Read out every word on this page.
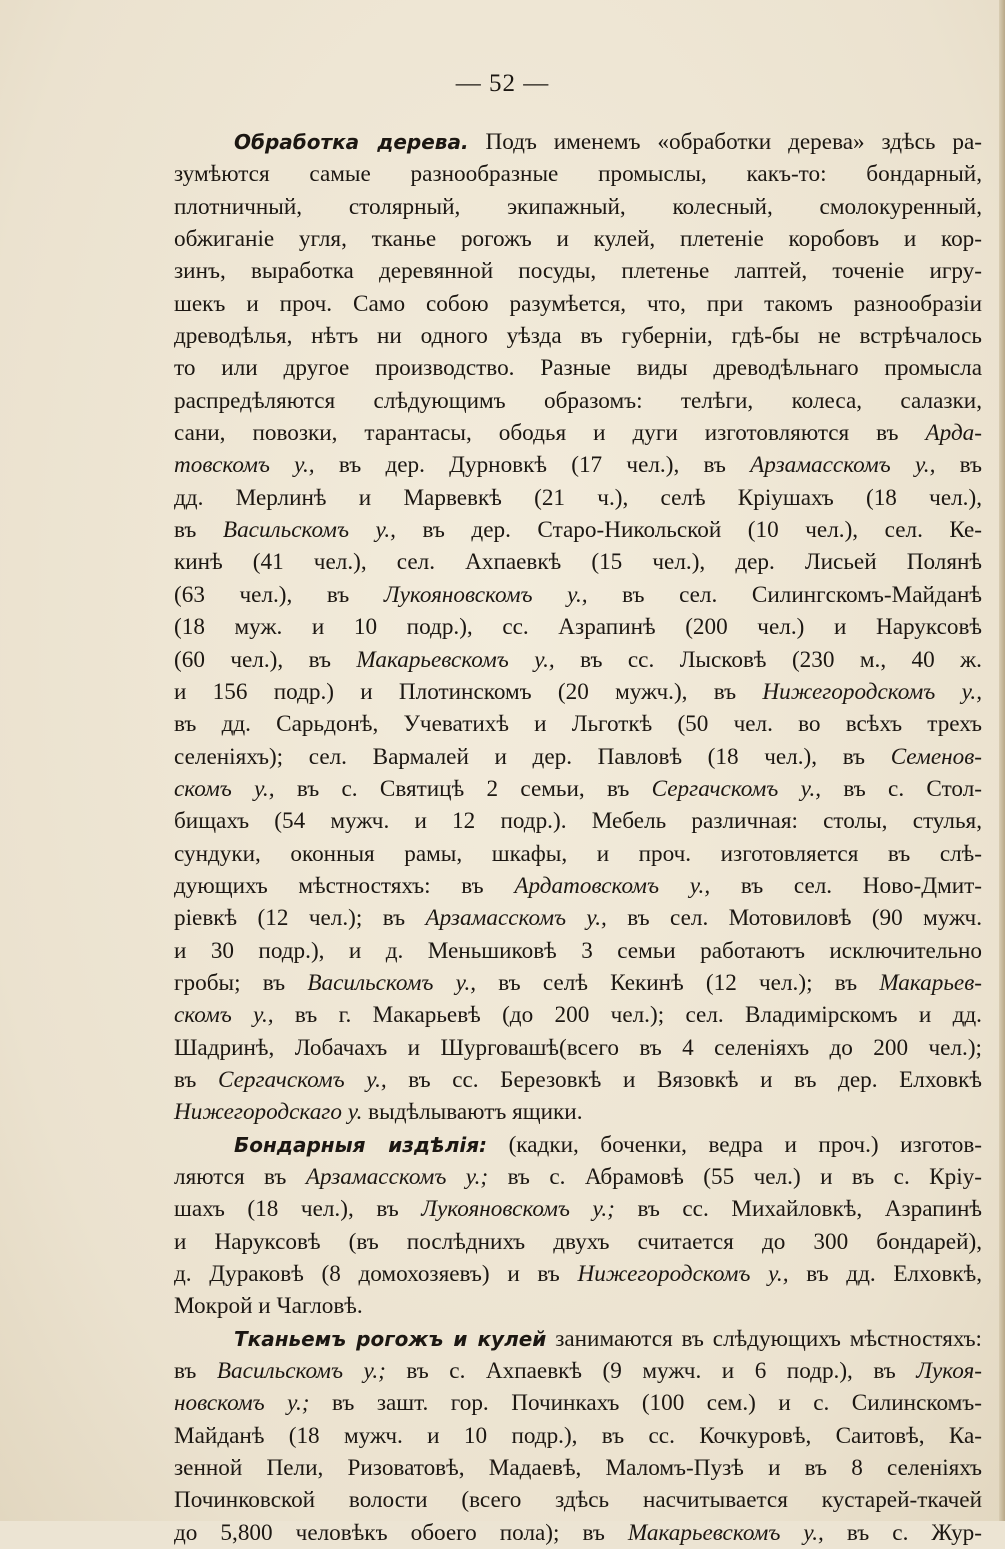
— 52 —
Обработка дерева. Подъ именемъ «обработки дерева» здѣсь ра-
зумѣются самые разнообразные промыслы, какъ-то: бондарный,
плотничный, столярный, экипажный, колесный, смолокуренный,
обжиганіе угля, тканье рогожъ и кулей, плетеніе коробовъ и кор-
зинъ, выработка деревянной посуды, плетенье лаптей, точеніе игру-
шекъ и проч. Само собою разумѣется, что, при такомъ разнообразіи
древодѣлья, нѣтъ ни одного уѣзда въ губерніи, гдѣ-бы не встрѣчалось
то или другое производство. Разные виды древодѣльнаго промысла
распредѣляются слѣдующимъ образомъ: телѣги, колеса, салазки,
сани, повозки, тарантасы, ободья и дуги изготовляются въ Арда-
товскомъ у., въ дер. Дурновкѣ (17 чел.), въ Арзамасскомъ у., въ
дд. Мерлинѣ и Марвевкѣ (21 ч.), селѣ Кріушахъ (18 чел.),
въ Васильскомъ у., въ дер. Старо-Никольской (10 чел.), сел. Ке-
кинѣ (41 чел.), сел. Ахпаевкѣ (15 чел.), дер. Лисьей Полянѣ
(63 чел.), въ Лукояновскомъ у., въ сел. Силингскомъ-Майданѣ
(18 муж. и 10 подр.), сс. Азрапинѣ (200 чел.) и Наруксовѣ
(60 чел.), въ Макарьевскомъ у., въ сс. Лысковѣ (230 м., 40 ж.
и 156 подр.) и Плотинскомъ (20 мужч.), въ Нижегородскомъ у.,
въ дд. Сарьдонѣ, Учеватихѣ и Льготкѣ (50 чел. во всѣхъ трехъ
селеніяхъ); сел. Вармалей и дер. Павловѣ (18 чел.), въ Семенов-
скомъ у., въ с. Святицѣ 2 семьи, въ Сергачскомъ у., въ с. Стол-
бищахъ (54 мужч. и 12 подр.). Мебель различная: столы, стулья,
сундуки, оконныя рамы, шкафы, и проч. изготовляется въ слѣ-
дующихъ мѣстностяхъ: въ Ардатовскомъ у., въ сел. Ново-Дмит-
ріевкѣ (12 чел.); въ Арзамасскомъ у., въ сел. Мотовиловѣ (90 мужч.
и 30 подр.), и д. Меньшиковѣ 3 семьи работаютъ исключительно
гробы; въ Васильскомъ у., въ селѣ Кекинѣ (12 чел.); въ Макарьев-
скомъ у., въ г. Макарьевѣ (до 200 чел.); сел. Владимірскомъ и дд.
Шадринѣ, Лобачахъ и Шурговашѣ(всего въ 4 селеніяхъ до 200 чел.);
въ Сергачскомъ у., въ сс. Березовкѣ и Вязовкѣ и въ дер. Елховкѣ
Нижегородскаго у. выдѣлываютъ ящики.
Бондарныя издѣлія: (кадки, боченки, ведра и проч.) изготов-
ляются въ Арзамасскомъ у.; въ с. Абрамовѣ (55 чел.) и въ с. Кріу-
шахъ (18 чел.), въ Лукояновскомъ у.; въ сс. Михайловкѣ, Азрапинѣ
и Наруксовѣ (въ послѣднихъ двухъ считается до 300 бондарей),
д. Дураковѣ (8 домохозяевъ) и въ Нижегородскомъ у., въ дд. Елховкѣ,
Мокрой и Чагловѣ.
Тканьемъ рогожъ и кулей занимаются въ слѣдующихъ мѣстностяхъ:
въ Васильскомъ у.; въ с. Ахпаевкѣ (9 мужч. и 6 подр.), въ Лукоя-
новскомъ у.; въ зашт. гор. Починкахъ (100 сем.) и с. Силинскомъ-
Майданѣ (18 мужч. и 10 подр.), въ сс. Кочкуровѣ, Саитовѣ, Ка-
зенной Пели, Ризоватовѣ, Мадаевѣ, Маломъ-Пузѣ и въ 8 селеніяхъ
Починковской волости (всего здѣсь насчитывается кустарей-ткачей
до 5,800 человѣкъ обоего пола); въ Макарьевскомъ у., въ с. Жур-
